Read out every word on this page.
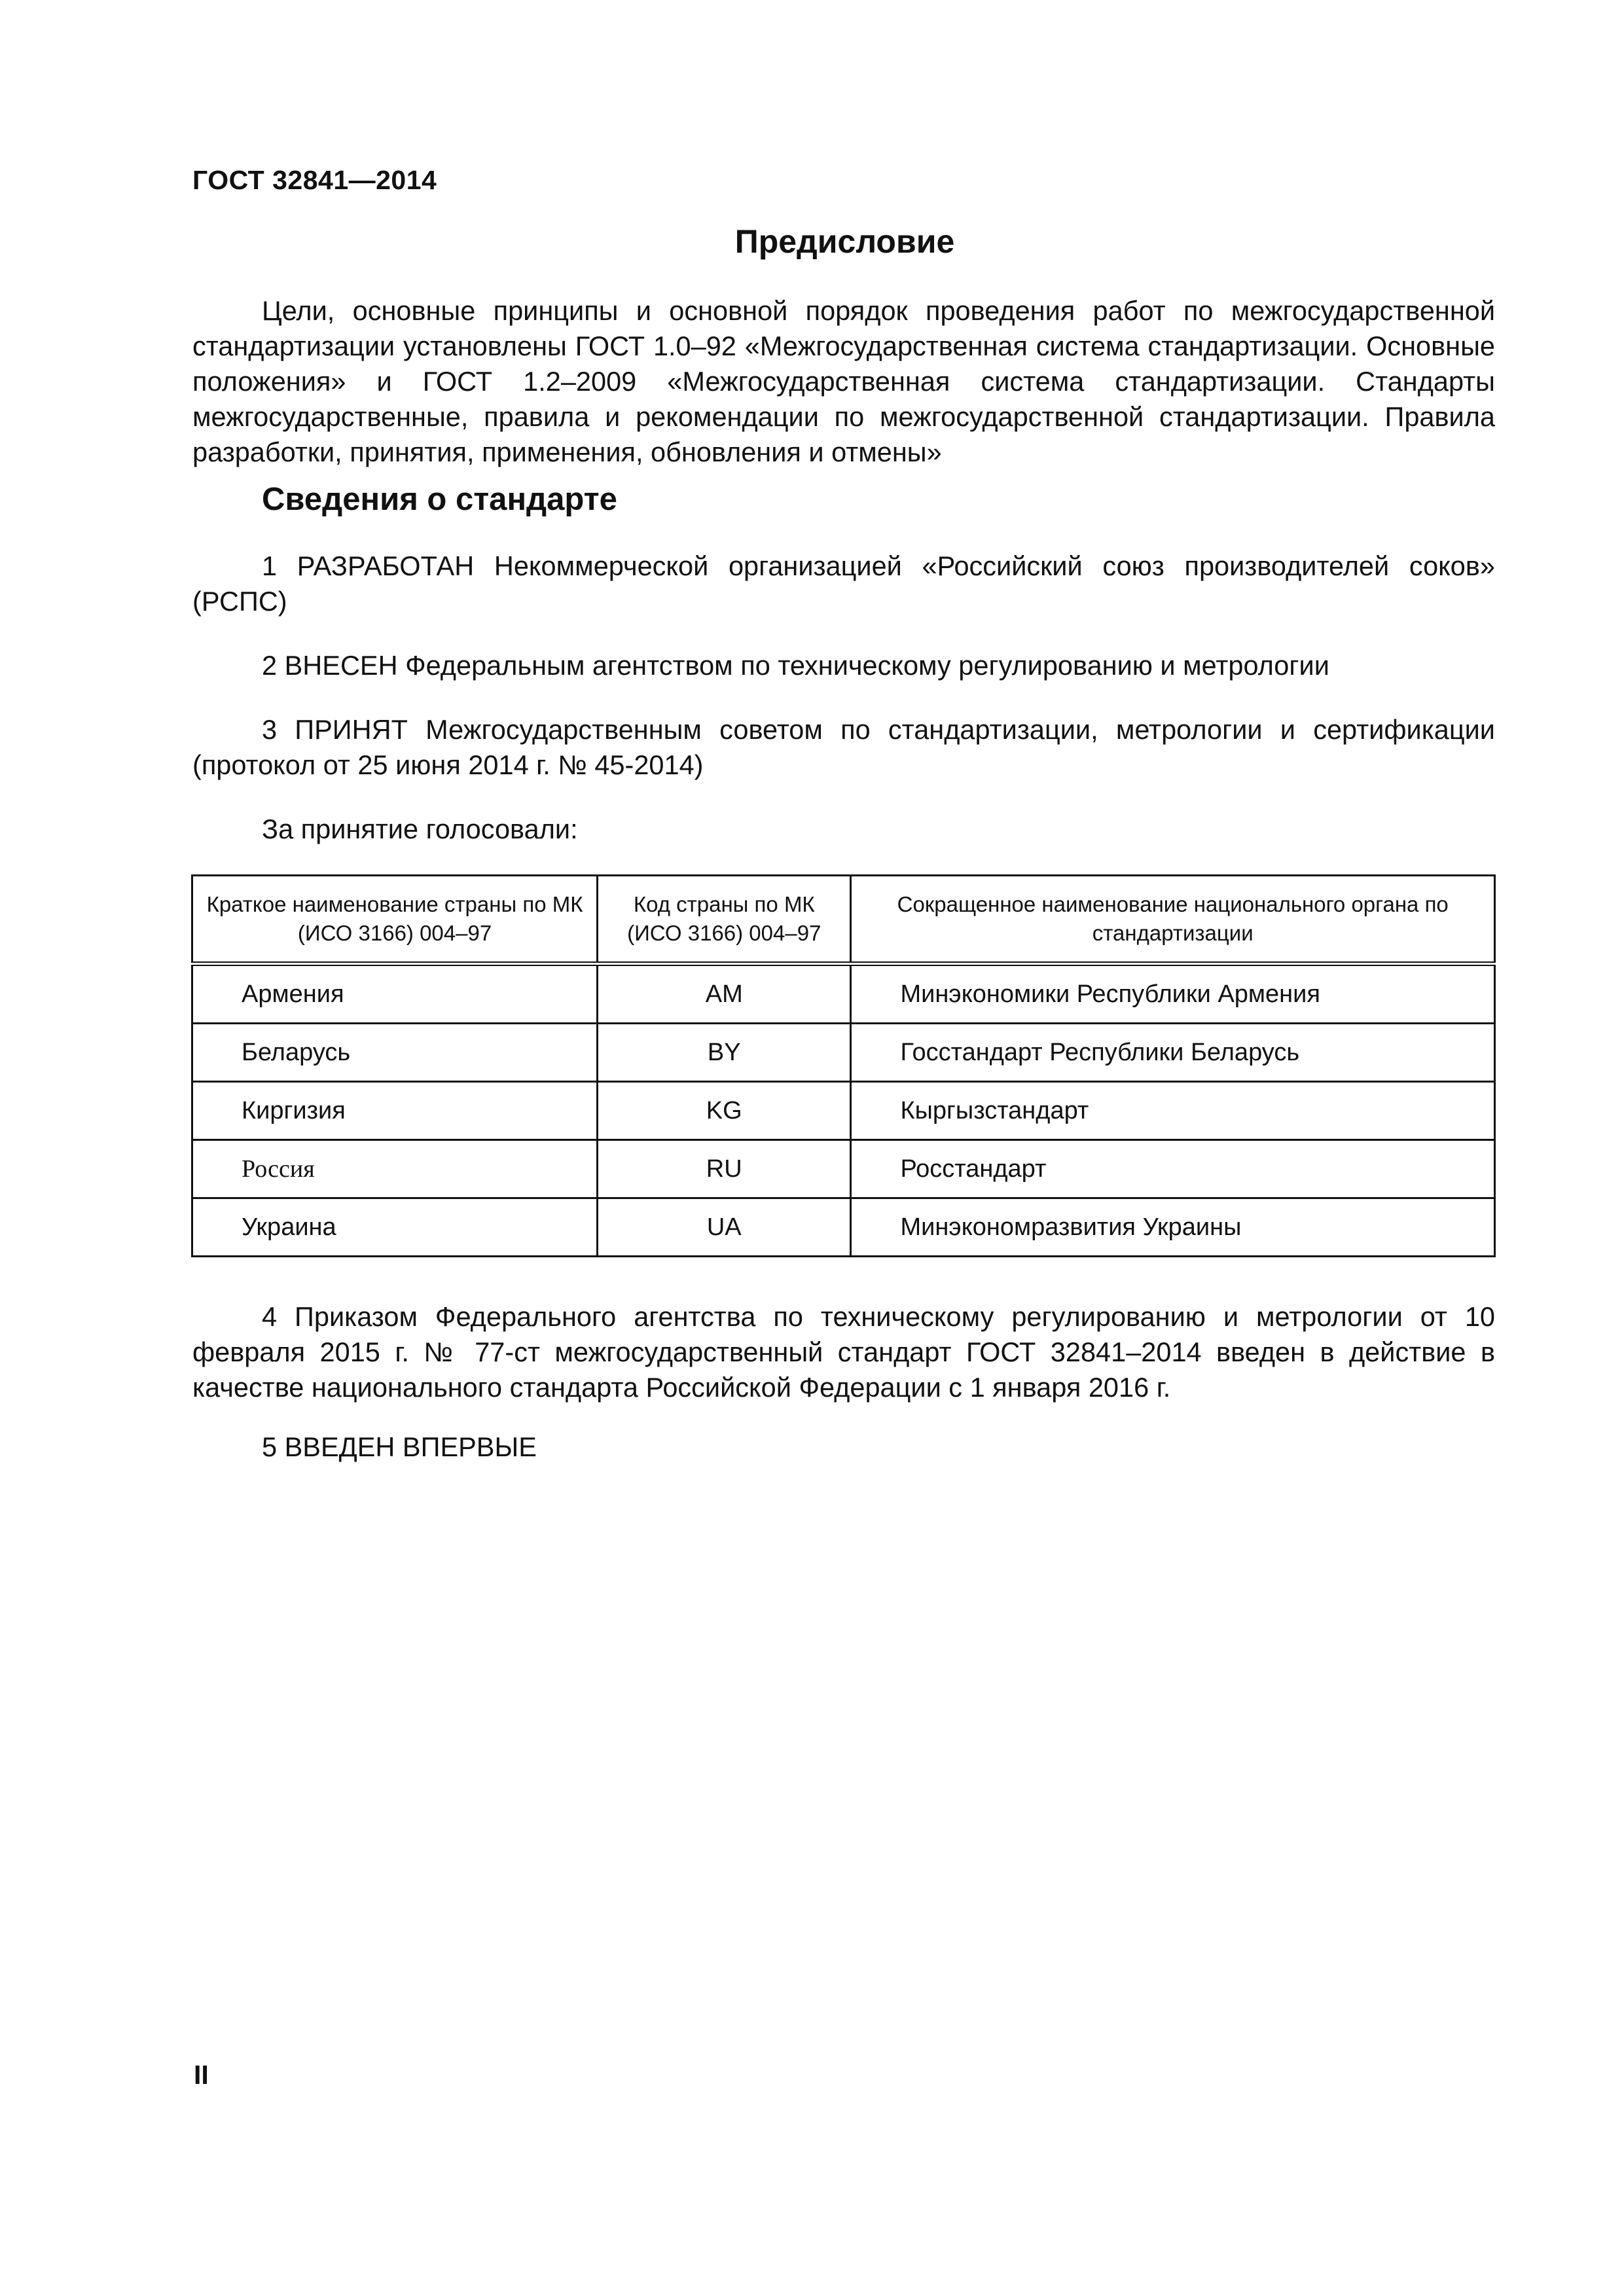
ГОСТ 32841—2014
Предисловие

Цели, основные принципы и основной порядок проведения работ по межгосударственной стандартизации установлены ГОСТ 1.0–92 «Межгосударственная система стандартизации. Основные положения» и ГОСТ 1.2–2009 «Межгосударственная система стандартизации. Стандарты межгосударственные, правила и рекомендации по межгосударственной стандартизации. Правила разработки, принятия, применения, обновления и отмены»

Сведения о стандарте

1 РАЗРАБОТАН Некоммерческой организацией «Российский союз производителей соков» (РСПС)

2 ВНЕСЕН Федеральным агентством по техническому регулированию и метрологии

3 ПРИНЯТ Межгосударственным советом по стандартизации, метрологии и сертификации (протокол от 25 июня 2014 г. № 45-2014)

За принятие голосовали:
Краткое наименование страны по МК (ИСО 3166) 004–97	Код страны по МК (ИСО 3166) 004–97	Сокращенное наименование национального органа по стандартизации
Армения	AM	Минэкономики Республики Армения
Беларусь	BY	Госстандарт Республики Беларусь
Киргизия	KG	Кыргызстандарт
Россия	RU	Росстандарт
Украина	UA	Минэкономразвития Украины

4 Приказом Федерального агентства по техническому регулированию и метрологии от 10 февраля 2015 г. № 77-ст межгосударственный стандарт ГОСТ 32841–2014 введен в действие в качестве национального стандарта Российской Федерации с 1 января 2016 г.

5 ВВЕДЕН ВПЕРВЫЕ
II
